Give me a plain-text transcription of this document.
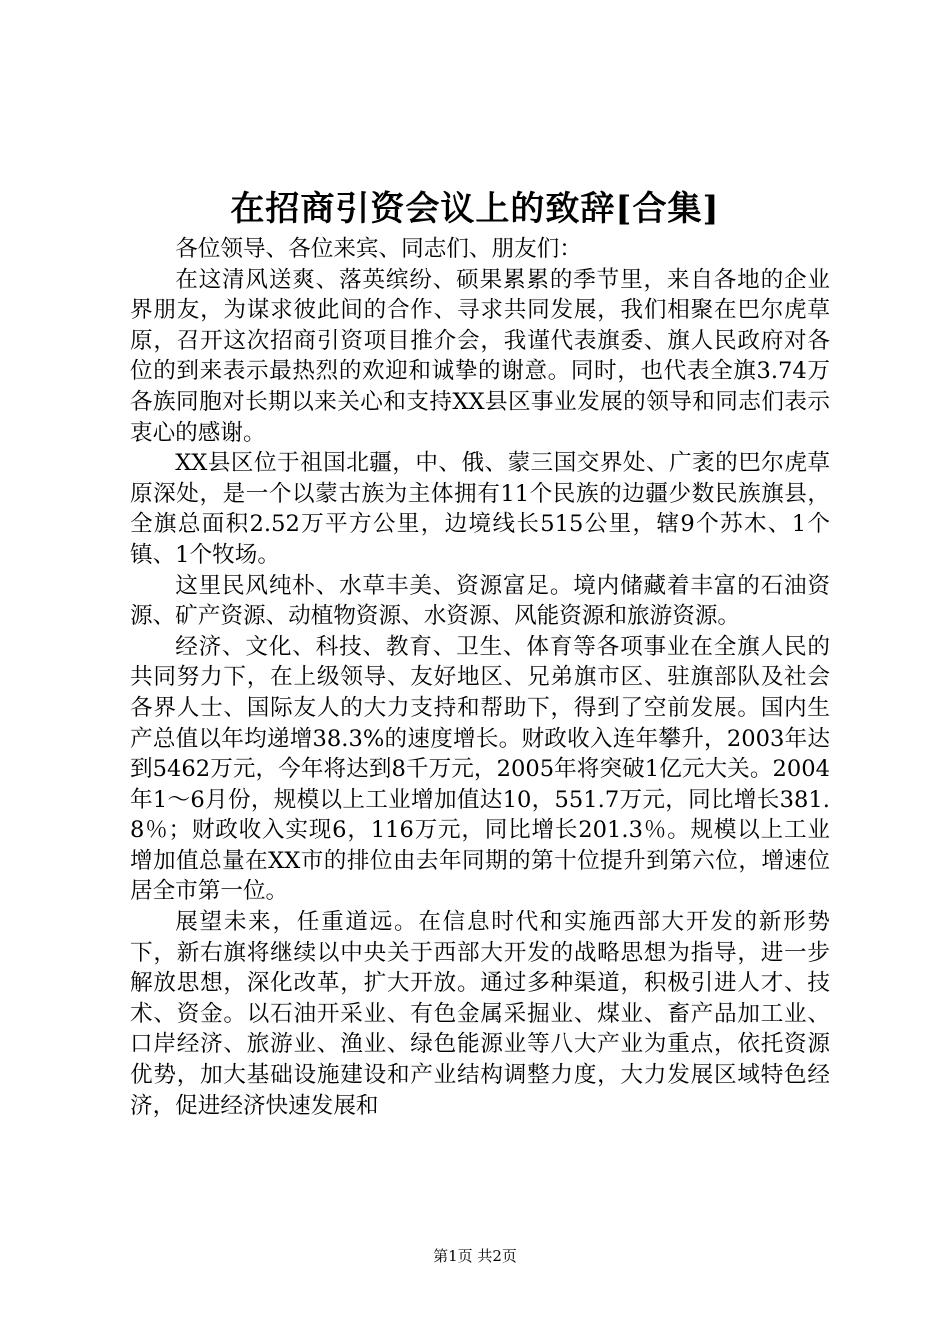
在招商引资会议上的致辞[合集]

各位领导、各位来宾、同志们、朋友们：

在这清风送爽、落英缤纷、硕果累累的季节里，来自各地的企业界朋友，为谋求彼此间的合作、寻求共同发展，我们相聚在巴尔虎草原，召开这次招商引资项目推介会，我谨代表旗委、旗人民政府对各位的到来表示最热烈的欢迎和诚挚的谢意。同时，也代表全旗3.74万各族同胞对长期以来关心和支持XX县区事业发展的领导和同志们表示衷心的感谢。

XX县区位于祖国北疆，中、俄、蒙三国交界处、广袤的巴尔虎草原深处，是一个以蒙古族为主体拥有11个民族的边疆少数民族旗县，全旗总面积2.52万平方公里，边境线长515公里，辖9个苏木、1个镇、1个牧场。

这里民风纯朴、水草丰美、资源富足。境内储藏着丰富的石油资源、矿产资源、动植物资源、水资源、风能资源和旅游资源。

经济、文化、科技、教育、卫生、体育等各项事业在全旗人民的共同努力下，在上级领导、友好地区、兄弟旗市区、驻旗部队及社会各界人士、国际友人的大力支持和帮助下，得到了空前发展。国内生产总值以年均递增38.3%的速度增长。财政收入连年攀升，2003年达到5462万元，今年将达到8千万元，2005年将突破1亿元大关。2004年1～6月份，规模以上工业增加值达10，551.7万元，同比增长381.8％；财政收入实现6，116万元，同比增长201.3％。规模以上工业增加值总量在XX市的排位由去年同期的第十位提升到第六位，增速位居全市第一位。

展望未来，任重道远。在信息时代和实施西部大开发的新形势下，新右旗将继续以中央关于西部大开发的战略思想为指导，进一步解放思想，深化改革，扩大开放。通过多种渠道，积极引进人才、技术、资金。以石油开采业、有色金属采掘业、煤业、畜产品加工业、口岸经济、旅游业、渔业、绿色能源业等八大产业为重点，依托资源优势，加大基础设施建设和产业结构调整力度，大力发展区域特色经济，促进经济快速发展和

第1页 共2页
